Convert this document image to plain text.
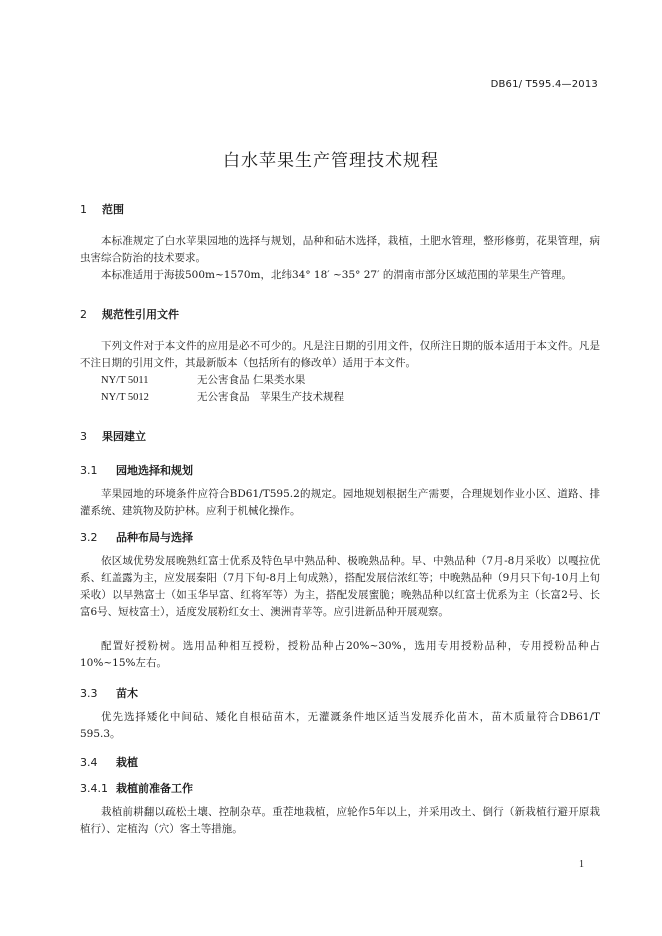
DB61/ T595.4—2013
白水苹果生产管理技术规程
1 范围

本标准规定了白水苹果园地的选择与规划，品种和砧木选择，栽植，土肥水管理，整形修剪，花果管理，病虫害综合防治的技术要求。

本标准适用于海拔500m~1570m，北纬34° 18′ ~35° 27′ 的渭南市部分区域范围的苹果生产管理。

2 规范性引用文件

下列文件对于本文件的应用是必不可少的。凡是注日期的引用文件，仅所注日期的版本适用于本文件。凡是不注日期的引用文件，其最新版本（包括所有的修改单）适用于本文件。

NY/T 5011	无公害食品 仁果类水果
NY/T 5012	无公害食品　苹果生产技术规程
3 果园建立
3.1 园地选择和规划

苹果园地的环境条件应符合BD61/T595.2的规定。园地规划根据生产需要，合理规划作业小区、道路、排灌系统、建筑物及防护林。应利于机械化操作。

3.2 品种布局与选择

依区域优势发展晚熟红富士优系及特色早中熟品种、极晚熟品种。早、中熟品种（7月-8月采收）以嘎拉优系、红盖露为主，应发展秦阳（7月下旬-8月上旬成熟），搭配发展信浓红等；中晚熟品种（9月只下旬-10月上旬采收）以早熟富士（如玉华早富、红将军等）为主，搭配发展蜜脆；晚熟品种以红富士优系为主（长富2号、长富6号、短枝富士），适度发展粉红女士、澳洲青苹等。应引进新品种开展观察。

配置好授粉树。选用品种相互授粉，授粉品种占20%~30%，选用专用授粉品种，专用授粉品种占10%~15%左右。

3.3 苗木

优先选择矮化中间砧、矮化自根砧苗木，无灌溉条件地区适当发展乔化苗木，苗木质量符合DB61/T 595.3。

3.4 栽植
3.4.1 栽植前准备工作

栽植前耕翻以疏松土壤、控制杂草。重茬地栽植，应轮作5年以上，并采用改土、倒行（新栽植行避开原栽植行）、定植沟（穴）客土等措施。

1
